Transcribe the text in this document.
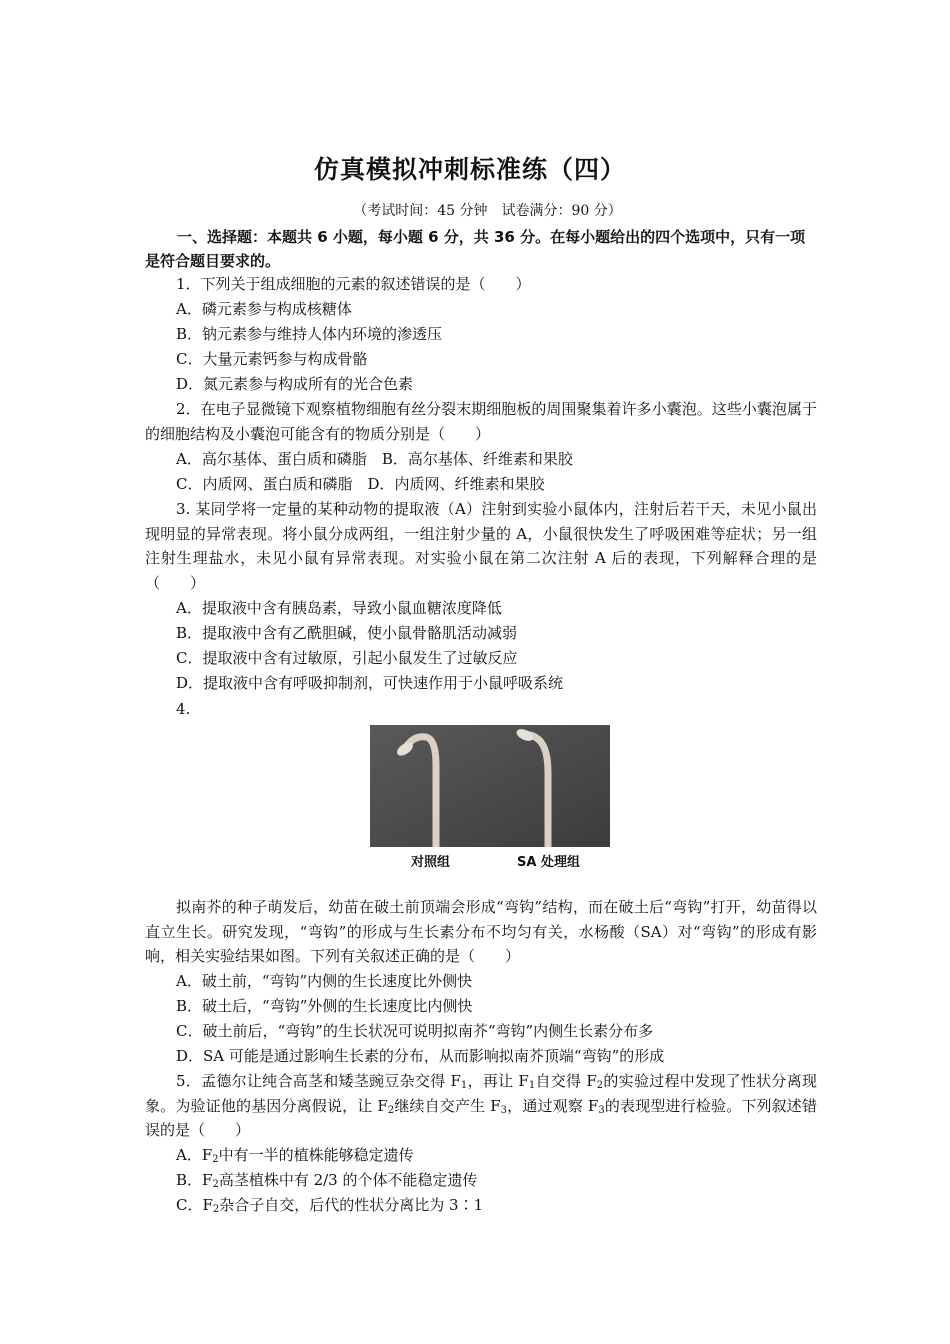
仿真模拟冲刺标准练（四）
（考试时间：45 分钟　试卷满分：90 分）
一、选择题：本题共 6 小题，每小题 6 分，共 36 分。在每小题给出的四个选项中，只有一项是符合题目要求的。
1．下列关于组成细胞的元素的叙述错误的是（　　）
A．磷元素参与构成核糖体
B．钠元素参与维持人体内环境的渗透压
C．大量元素钙参与构成骨骼
D．氮元素参与构成所有的光合色素
2．在电子显微镜下观察植物细胞有丝分裂末期细胞板的周围聚集着许多小囊泡。这些小囊泡属于的细胞结构及小囊泡可能含有的物质分别是（　　）
A．高尔基体、蛋白质和磷脂　B．高尔基体、纤维素和果胶
C．内质网、蛋白质和磷脂　D．内质网、纤维素和果胶
3. 某同学将一定量的某种动物的提取液（A）注射到实验小鼠体内，注射后若干天，未见小鼠出现明显的异常表现。将小鼠分成两组，一组注射少量的 A，小鼠很快发生了呼吸困难等症状；另一组注射生理盐水，未见小鼠有异常表现。对实验小鼠在第二次注射 A 后的表现，下列解释合理的是（　　）
A．提取液中含有胰岛素，导致小鼠血糖浓度降低
B．提取液中含有乙酰胆碱，使小鼠骨骼肌活动减弱
C．提取液中含有过敏原，引起小鼠发生了过敏反应
D．提取液中含有呼吸抑制剂，可快速作用于小鼠呼吸系统
4.
对照组	SA 处理组
拟南芥的种子萌发后，幼苗在破土前顶端会形成“弯钩”结构，而在破土后“弯钩”打开，幼苗得以直立生长。研究发现，“弯钩”的形成与生长素分布不均匀有关，水杨酸（SA）对“弯钩”的形成有影响，相关实验结果如图。下列有关叙述正确的是（　　）
A．破土前，“弯钩”内侧的生长速度比外侧快
B．破土后，“弯钩”外侧的生长速度比内侧快
C．破土前后，“弯钩”的生长状况可说明拟南芥“弯钩”内侧生长素分布多
D．SA 可能是通过影响生长素的分布，从而影响拟南芥顶端“弯钩”的形成
5．孟德尔让纯合高茎和矮茎豌豆杂交得 $F_1$，再让 $F_1$自交得 $F_2$的实验过程中发现了性状分离现象。为验证他的基因分离假说，让 $F_2$继续自交产生 $F_3$，通过观察 $F_3$的表现型进行检验。下列叙述错误的是（　　）
A．$F_2$中有一半的植株能够稳定遗传
B．$F_2$高茎植株中有 2/3 的个体不能稳定遗传
C．$F_2$杂合子自交，后代的性状分离比为 3∶1
